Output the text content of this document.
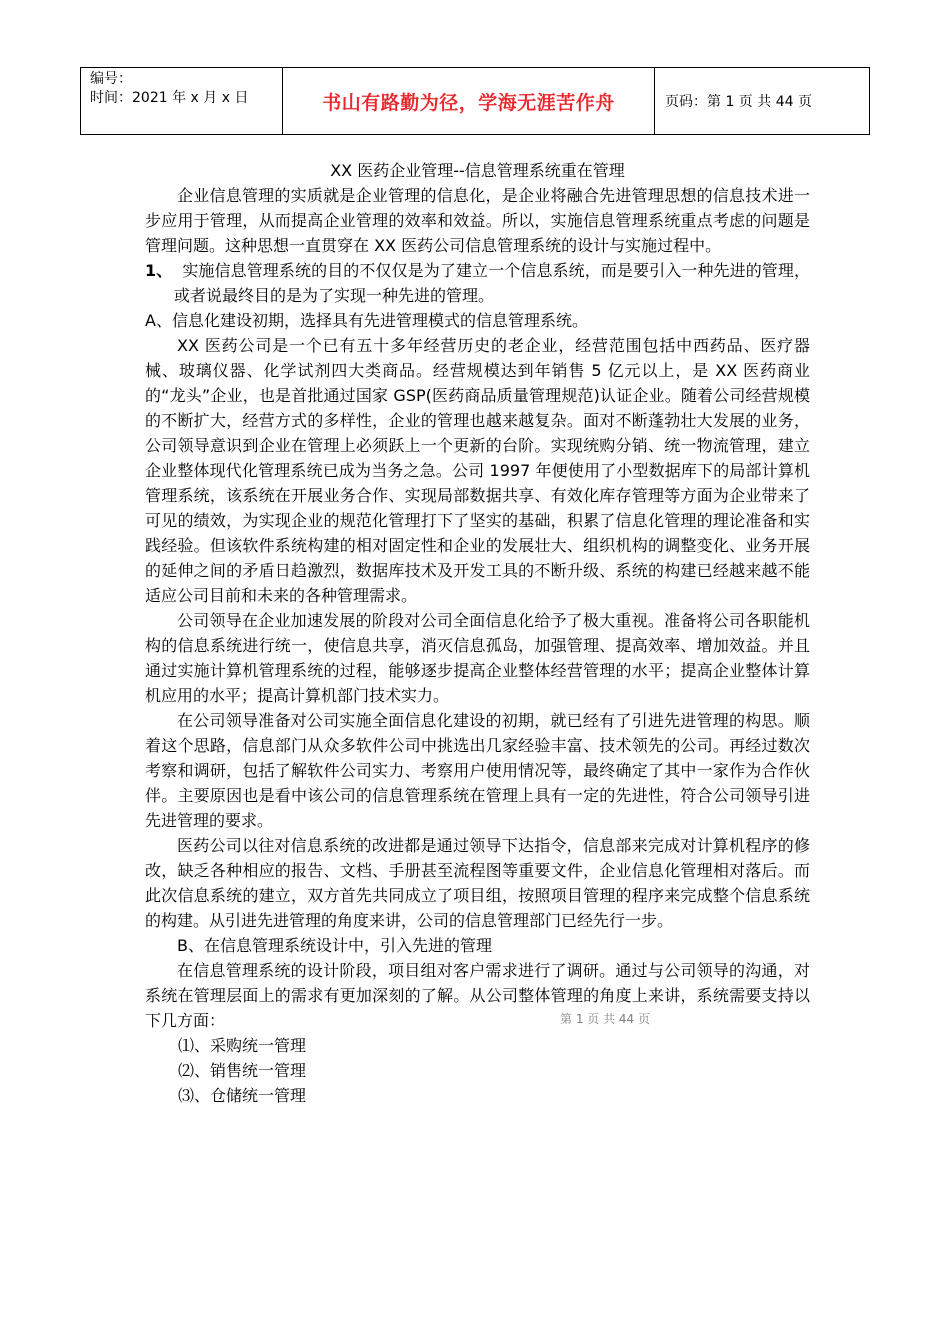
编号：
时间：2021 年 x 月 x 日	书山有路勤为径，学海无涯苦作舟	页码：第 1 页 共 44 页

XX 医药企业管理--信息管理系统重在管理

企业信息管理的实质就是企业管理的信息化，是企业将融合先进管理思想的信息技术进一步应用于管理，从而提高企业管理的效率和效益。所以，实施信息管理系统重点考虑的问题是管理问题。这种思想一直贯穿在 XX 医药公司信息管理系统的设计与实施过程中。

1、 实施信息管理系统的目的不仅仅是为了建立一个信息系统，而是要引入一种先进的管理，或者说最终目的是为了实现一种先进的管理。

A、信息化建设初期，选择具有先进管理模式的信息管理系统。

XX 医药公司是一个已有五十多年经营历史的老企业，经营范围包括中西药品、医疗器械、玻璃仪器、化学试剂四大类商品。经营规模达到年销售 5 亿元以上，是 XX 医药商业的“龙头”企业，也是首批通过国家 GSP(医药商品质量管理规范)认证企业。随着公司经营规模的不断扩大，经营方式的多样性，企业的管理也越来越复杂。面对不断蓬勃壮大发展的业务，公司领导意识到企业在管理上必须跃上一个更新的台阶。实现统购分销、统一物流管理，建立企业整体现代化管理系统已成为当务之急。公司 1997 年便使用了小型数据库下的局部计算机管理系统，该系统在开展业务合作、实现局部数据共享、有效化库存管理等方面为企业带来了可见的绩效，为实现企业的规范化管理打下了坚实的基础，积累了信息化管理的理论准备和实践经验。但该软件系统构建的相对固定性和企业的发展壮大、组织机构的调整变化、业务开展的延伸之间的矛盾日趋激烈，数据库技术及开发工具的不断升级、系统的构建已经越来越不能适应公司目前和未来的各种管理需求。

公司领导在企业加速发展的阶段对公司全面信息化给予了极大重视。准备将公司各职能机构的信息系统进行统一，使信息共享，消灭信息孤岛，加强管理、提高效率、增加效益。并且通过实施计算机管理系统的过程，能够逐步提高企业整体经营管理的水平；提高企业整体计算机应用的水平；提高计算机部门技术实力。

在公司领导准备对公司实施全面信息化建设的初期，就已经有了引进先进管理的构思。顺着这个思路，信息部门从众多软件公司中挑选出几家经验丰富、技术领先的公司。再经过数次考察和调研，包括了解软件公司实力、考察用户使用情况等，最终确定了其中一家作为合作伙伴。主要原因也是看中该公司的信息管理系统在管理上具有一定的先进性，符合公司领导引进先进管理的要求。

医药公司以往对信息系统的改进都是通过领导下达指令，信息部来完成对计算机程序的修改，缺乏各种相应的报告、文档、手册甚至流程图等重要文件，企业信息化管理相对落后。而此次信息系统的建立，双方首先共同成立了项目组，按照项目管理的程序来完成整个信息系统的构建。从引进先进管理的角度来讲，公司的信息管理部门已经先行一步。

B、在信息管理系统设计中，引入先进的管理

在信息管理系统的设计阶段，项目组对客户需求进行了调研。通过与公司领导的沟通，对系统在管理层面上的需求有更加深刻的了解。从公司整体管理的角度上来讲，系统需要支持以下几方面：

⑴、采购统一管理

⑵、销售统一管理

⑶、仓储统一管理

第 1 页 共 44 页
